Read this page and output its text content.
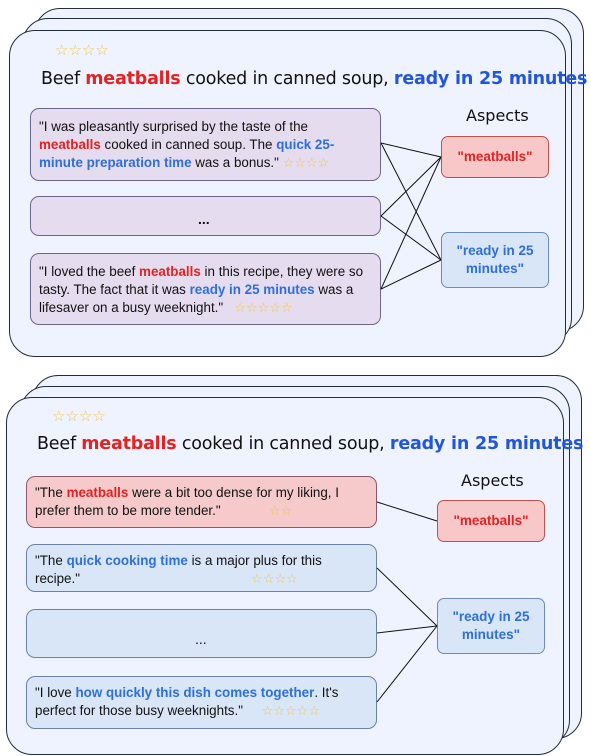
☆☆☆☆
Beef meatballs cooked in canned soup, ready in 25 minutes
Aspects
"I was pleasantly surprised by the taste of the meatballs cooked in canned soup. The quick 25-minute preparation time was a bonus." ☆☆☆☆
...
"I loved the beef meatballs in this recipe, they were so tasty. The fact that it was ready in 25 minutes was a lifesaver on a busy weeknight." ☆☆☆☆☆
"meatballs"
"ready in 25 minutes"
☆☆☆☆
Beef meatballs cooked in canned soup, ready in 25 minutes
Aspects
"The meatballs were a bit too dense for my liking, I prefer them to be more tender."	☆☆
"The quick cooking time is a major plus for this recipe."	☆☆☆☆
...
"I love how quickly this dish comes together. It's perfect for those busy weeknights." ☆☆☆☆☆
"meatballs"
"ready in 25 minutes"
